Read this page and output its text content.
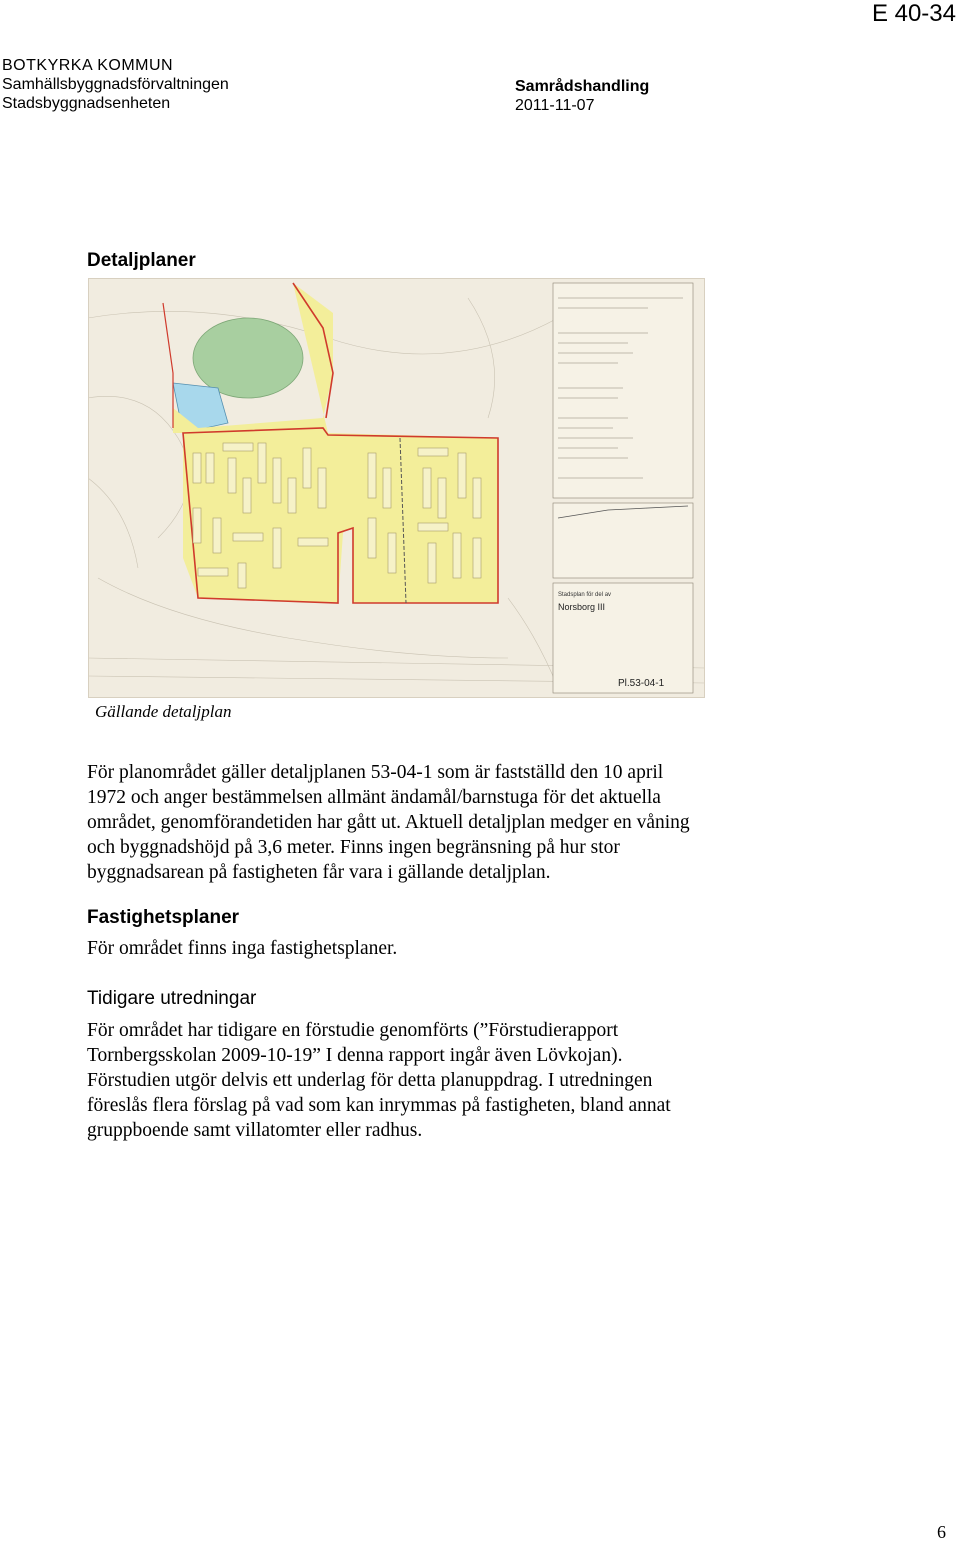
E 40-34
BOTKYRKA KOMMUN
Samhällsbyggnadsförvaltningen
Stadsbyggnadsenheten
Samrådshandling
2011-11-07
Detaljplaner
Stadsplan för del av
Norsborg III
Pl.53-04-1
Gällande detaljplan
För planområdet gäller detaljplanen 53-04-1 som är fastställd den 10 april
1972 och anger bestämmelsen allmänt ändamål/barnstuga för det aktuella
området, genomförandetiden har gått ut. Aktuell detaljplan medger en våning
och byggnadshöjd på 3,6 meter. Finns ingen begränsning på hur stor
byggnadsarean på fastigheten får vara i gällande detaljplan.
Fastighetsplaner
För området finns inga fastighetsplaner.
Tidigare utredningar
För området har tidigare en förstudie genomförts (”Förstudierapport
Tornbergsskolan 2009-10-19” I denna rapport ingår även Lövkojan).
Förstudien utgör delvis ett underlag för detta planuppdrag. I utredningen
föreslås flera förslag på vad som kan inrymmas på fastigheten, bland annat
gruppboende samt villatomter eller radhus.
6
